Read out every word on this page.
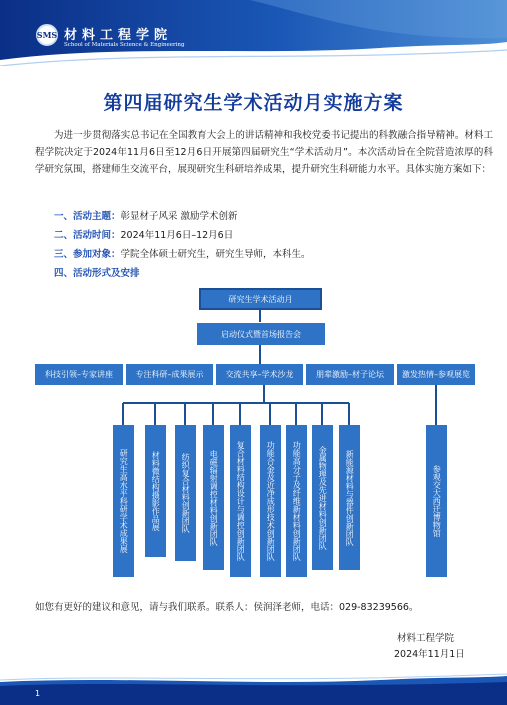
SMS 材料工程学院
School of Materials Science & Engineering
第四届研究生学术活动月实施方案

为进一步贯彻落实总书记在全国教育大会上的讲话精神和我校党委书记提出的科教融合指导精神。材料工程学院决定于2024年11月6日至12月6日开展第四届研究生“学术活动月”。本次活动旨在全院营造浓厚的科学研究氛围，搭建师生交流平台，展现研究生科研培养成果，提升研究生科研能力水平。具体实施方案如下：

一、活动主题：彰显材子风采 激励学术创新
二、活动时间：2024年11月6日–12月6日
三、参加对象：学院全体硕士研究生，研究生导师，本科生。
四、活动形式及安排
研究生学术活动月
启动仪式暨首场报告会
科技引领–专家讲座	专注科研–成果展示	交流共享–学术沙龙	朋辈激励–材子论坛	激发热情–参观展览
研究生高水平科研学术成果展	材料微结构摄影作品展	纺织复合材料创新团队	电磁辐射调控材料创新团队	复合材料结构设计与调控创新团队	功能合金及近净成形技术创新团队	功能高分子及纤维新材料创新团队	金属物理及先进材料创新团队	新能源材料与器件创新团队	参观交大西迁博物馆
如您有更好的建议和意见，请与我们联系。联系人：侯润泽老师，电话：029-83239566。
材料工程学院
2024年11月1日
1
